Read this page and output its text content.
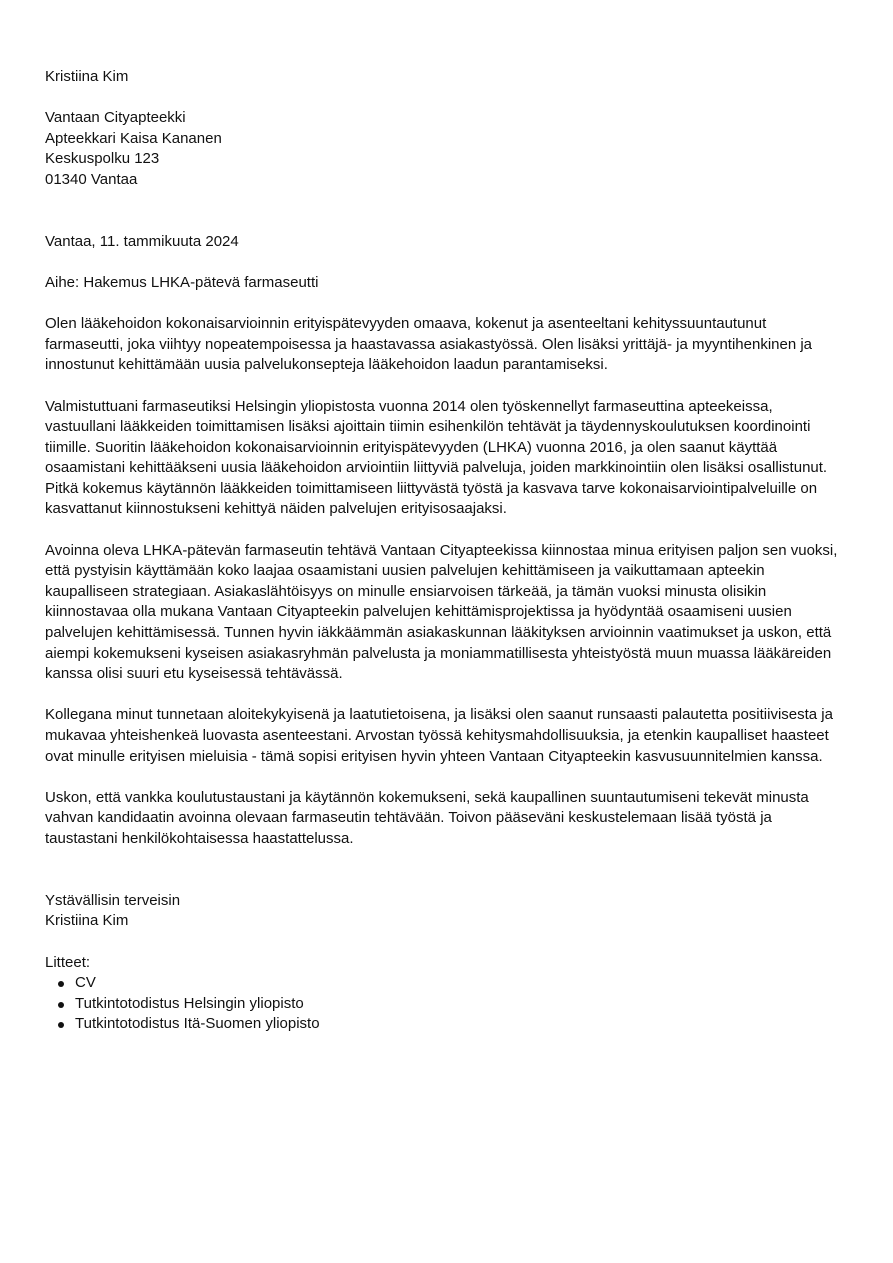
Kristiina Kim
Vantaan Cityapteekki
Apteekkari Kaisa Kananen
Keskuspolku 123
01340 Vantaa
Vantaa, 11. tammikuuta 2024
Aihe: Hakemus LHKA-pätevä farmaseutti

Olen lääkehoidon kokonaisarvioinnin erityispätevyyden omaava, kokenut ja asenteeltani kehityssuuntautunut farmaseutti, joka viihtyy nopeatempoisessa ja haastavassa asiakastyössä. Olen lisäksi yrittäjä- ja myyntihenkinen ja innostunut kehittämään uusia palvelukonsepteja lääkehoidon laadun parantamiseksi.

Valmistuttuani farmaseutiksi Helsingin yliopistosta vuonna 2014 olen työskennellyt farmaseuttina apteekeissa, vastuullani lääkkeiden toimittamisen lisäksi ajoittain tiimin esihenkilön tehtävät ja täydennyskoulutuksen koordinointi tiimille. Suoritin lääkehoidon kokonaisarvioinnin erityispätevyyden (LHKA) vuonna 2016, ja olen saanut käyttää osaamistani kehittääkseni uusia lääkehoidon arviointiin liittyviä palveluja, joiden markkinointiin olen lisäksi osallistunut. Pitkä kokemus käytännön lääkkeiden toimittamiseen liittyvästä työstä ja kasvava tarve kokonaisarviointipalveluille on kasvattanut kiinnostukseni kehittyä näiden palvelujen erityisosaajaksi.

Avoinna oleva LHKA-pätevän farmaseutin tehtävä Vantaan Cityapteekissa kiinnostaa minua erityisen paljon sen vuoksi, että pystyisin käyttämään koko laajaa osaamistani uusien palvelujen kehittämiseen ja vaikuttamaan apteekin kaupalliseen strategiaan. Asiakaslähtöisyys on minulle ensiarvoisen tärkeää, ja tämän vuoksi minusta olisikin kiinnostavaa olla mukana Vantaan Cityapteekin palvelujen kehittämisprojektissa ja hyödyntää osaamiseni uusien palvelujen kehittämisessä. Tunnen hyvin iäkkäämmän asiakaskunnan lääkityksen arvioinnin vaatimukset ja uskon, että aiempi kokemukseni kyseisen asiakasryhmän palvelusta ja moniammatillisesta yhteistyöstä muun muassa lääkäreiden kanssa olisi suuri etu kyseisessä tehtävässä.

Kollegana minut tunnetaan aloitekykyisenä ja laatutietoisena, ja lisäksi olen saanut runsaasti palautetta positiivisesta ja mukavaa yhteishenkeä luovasta asenteestani. Arvostan työssä kehitysmahdollisuuksia, ja etenkin kaupalliset haasteet ovat minulle erityisen mieluisia - tämä sopisi erityisen hyvin yhteen Vantaan Cityapteekin kasvusuunnitelmien kanssa.

Uskon, että vankka koulutustaustani ja käytännön kokemukseni, sekä kaupallinen suuntautumiseni tekevät minusta vahvan kandidaatin avoinna olevaan farmaseutin tehtävään. Toivon pääseväni keskustelemaan lisää työstä ja taustastani henkilökohtaisessa haastattelussa.

Ystävällisin terveisin
Kristiina Kim
Litteet:
CV
Tutkintotodistus Helsingin yliopisto
Tutkintotodistus Itä-Suomen yliopisto
